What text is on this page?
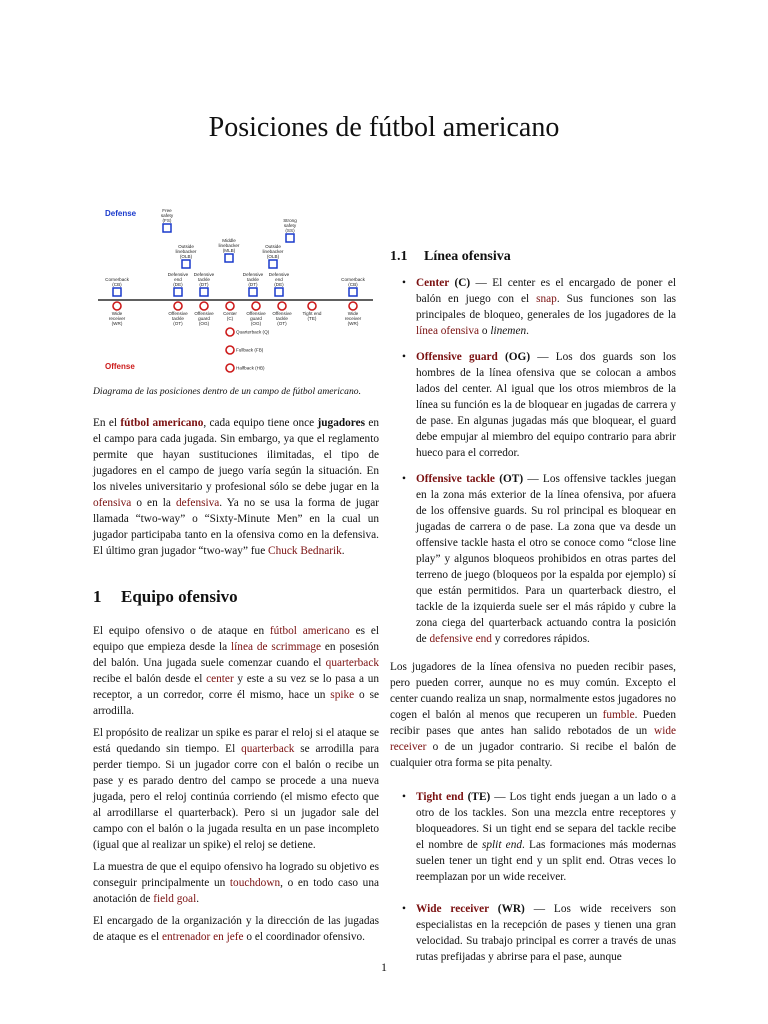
Posiciones de fútbol americano
Defense
Offense
Free
safety
(FS)	Strong
safety
(SS)
Middle
linebacker
(MLB)
Outside
linebacker
(OLB)
Outside
linebacker
(OLB)
Cornerback
(CB)
Cornerback
(CB)
Defensive
end
(DE)
Defensive
tackle
(DT)
Defensive
tackle
(DT)
Defensive
end
(DE)
Wide
receiver
(WR)
Offensive
tackle
(OT)
Offensive
guard
(OG)
Center
(C)
Offensive
guard
(OG)
Offensive
tackle
(OT)
Tight end
(TE)
Wide
receiver
(WR)
Quarterback (Q)
Fullback (FB)
Halfback (HB)

Diagrama de las posiciones dentro de un campo de fútbol americano.

En el fútbol americano, cada equipo tiene once jugadores en el campo para cada jugada. Sin embargo, ya que el reglamento permite que hayan sustituciones ilimitadas, el tipo de jugadores en el campo de juego varía según la situación. En los niveles universitario y profesional sólo se debe jugar en la ofensiva o en la defensiva. Ya no se usa la forma de jugar llamada “two-way” o “Sixty-Minute Men” en la cual un jugador participaba tanto en la ofensiva como en la defensiva. El último gran jugador “two-way” fue Chuck Bednarik.

1 Equipo ofensivo

El equipo ofensivo o de ataque en fútbol americano es el equipo que empieza desde la línea de scrimmage en posesión del balón. Una jugada suele comenzar cuando el quarterback recibe el balón desde el center y este a su vez se lo pasa a un receptor, a un corredor, corre él mismo, hace un spike o se arrodilla.

El propósito de realizar un spike es parar el reloj si el ataque se está quedando sin tiempo. El quarterback se arrodilla para perder tiempo. Si un jugador corre con el balón o recibe un pase y es parado dentro del campo se procede a una nueva jugada, pero el reloj continúa corriendo (el mismo efecto que al arrodillarse el quarterback). Pero si un jugador sale del campo con el balón o la jugada resulta en un pase incompleto (igual que al realizar un spike) el reloj se detiene.

La muestra de que el equipo ofensivo ha logrado su objetivo es conseguir principalmente un touchdown, o en todo caso una anotación de field goal.

El encargado de la organización y la dirección de las jugadas de ataque es el entrenador en jefe o el coordinador ofensivo.

1.1 Línea ofensiva
• Center (C) — El center es el encargado de poner el balón en juego con el snap. Sus funciones son las principales de bloqueo, generales de los jugadores de la línea ofensiva o linemen.
• Offensive guard (OG) — Los dos guards son los hombres de la línea ofensiva que se colocan a ambos lados del center. Al igual que los otros miembros de la línea su función es la de bloquear en jugadas de carrera y de pase. En algunas jugadas más que bloquear, el guard debe empujar al miembro del equipo contrario para abrir hueco para el corredor.
• Offensive tackle (OT) — Los offensive tackles juegan en la zona más exterior de la línea ofensiva, por afuera de los offensive guards. Su rol principal es bloquear en jugadas de carrera o de pase. La zona que va desde un offensive tackle hasta el otro se conoce como “close line play” y algunos bloqueos prohibidos en otras partes del terreno de juego (bloqueos por la espalda por ejemplo) sí que están permitidos. Para un quarterback diestro, el tackle de la izquierda suele ser el más rápido y cubre la zona ciega del quarterback actuando contra la posición de defensive end y corredores rápidos.

Los jugadores de la línea ofensiva no pueden recibir pases, pero pueden correr, aunque no es muy común. Excepto el center cuando realiza un snap, normalmente estos jugadores no cogen el balón al menos que recuperen un fumble. Pueden recibir pases que antes han salido rebotados de un wide receiver o de un jugador contrario. Si recibe el balón de cualquier otra forma se pita penalty.

• Tight end (TE) — Los tight ends juegan a un lado o a otro de los tackles. Son una mezcla entre receptores y bloqueadores. Si un tight end se separa del tackle recibe el nombre de split end. Las formaciones más modernas suelen tener un tight end y un split end. Otras veces lo reemplazan por un wide receiver.
• Wide receiver (WR) — Los wide receivers son especialistas en la recepción de pases y tienen una gran velocidad. Su trabajo principal es correr a través de unas rutas prefijadas y abrirse para el pase, aunque
1
